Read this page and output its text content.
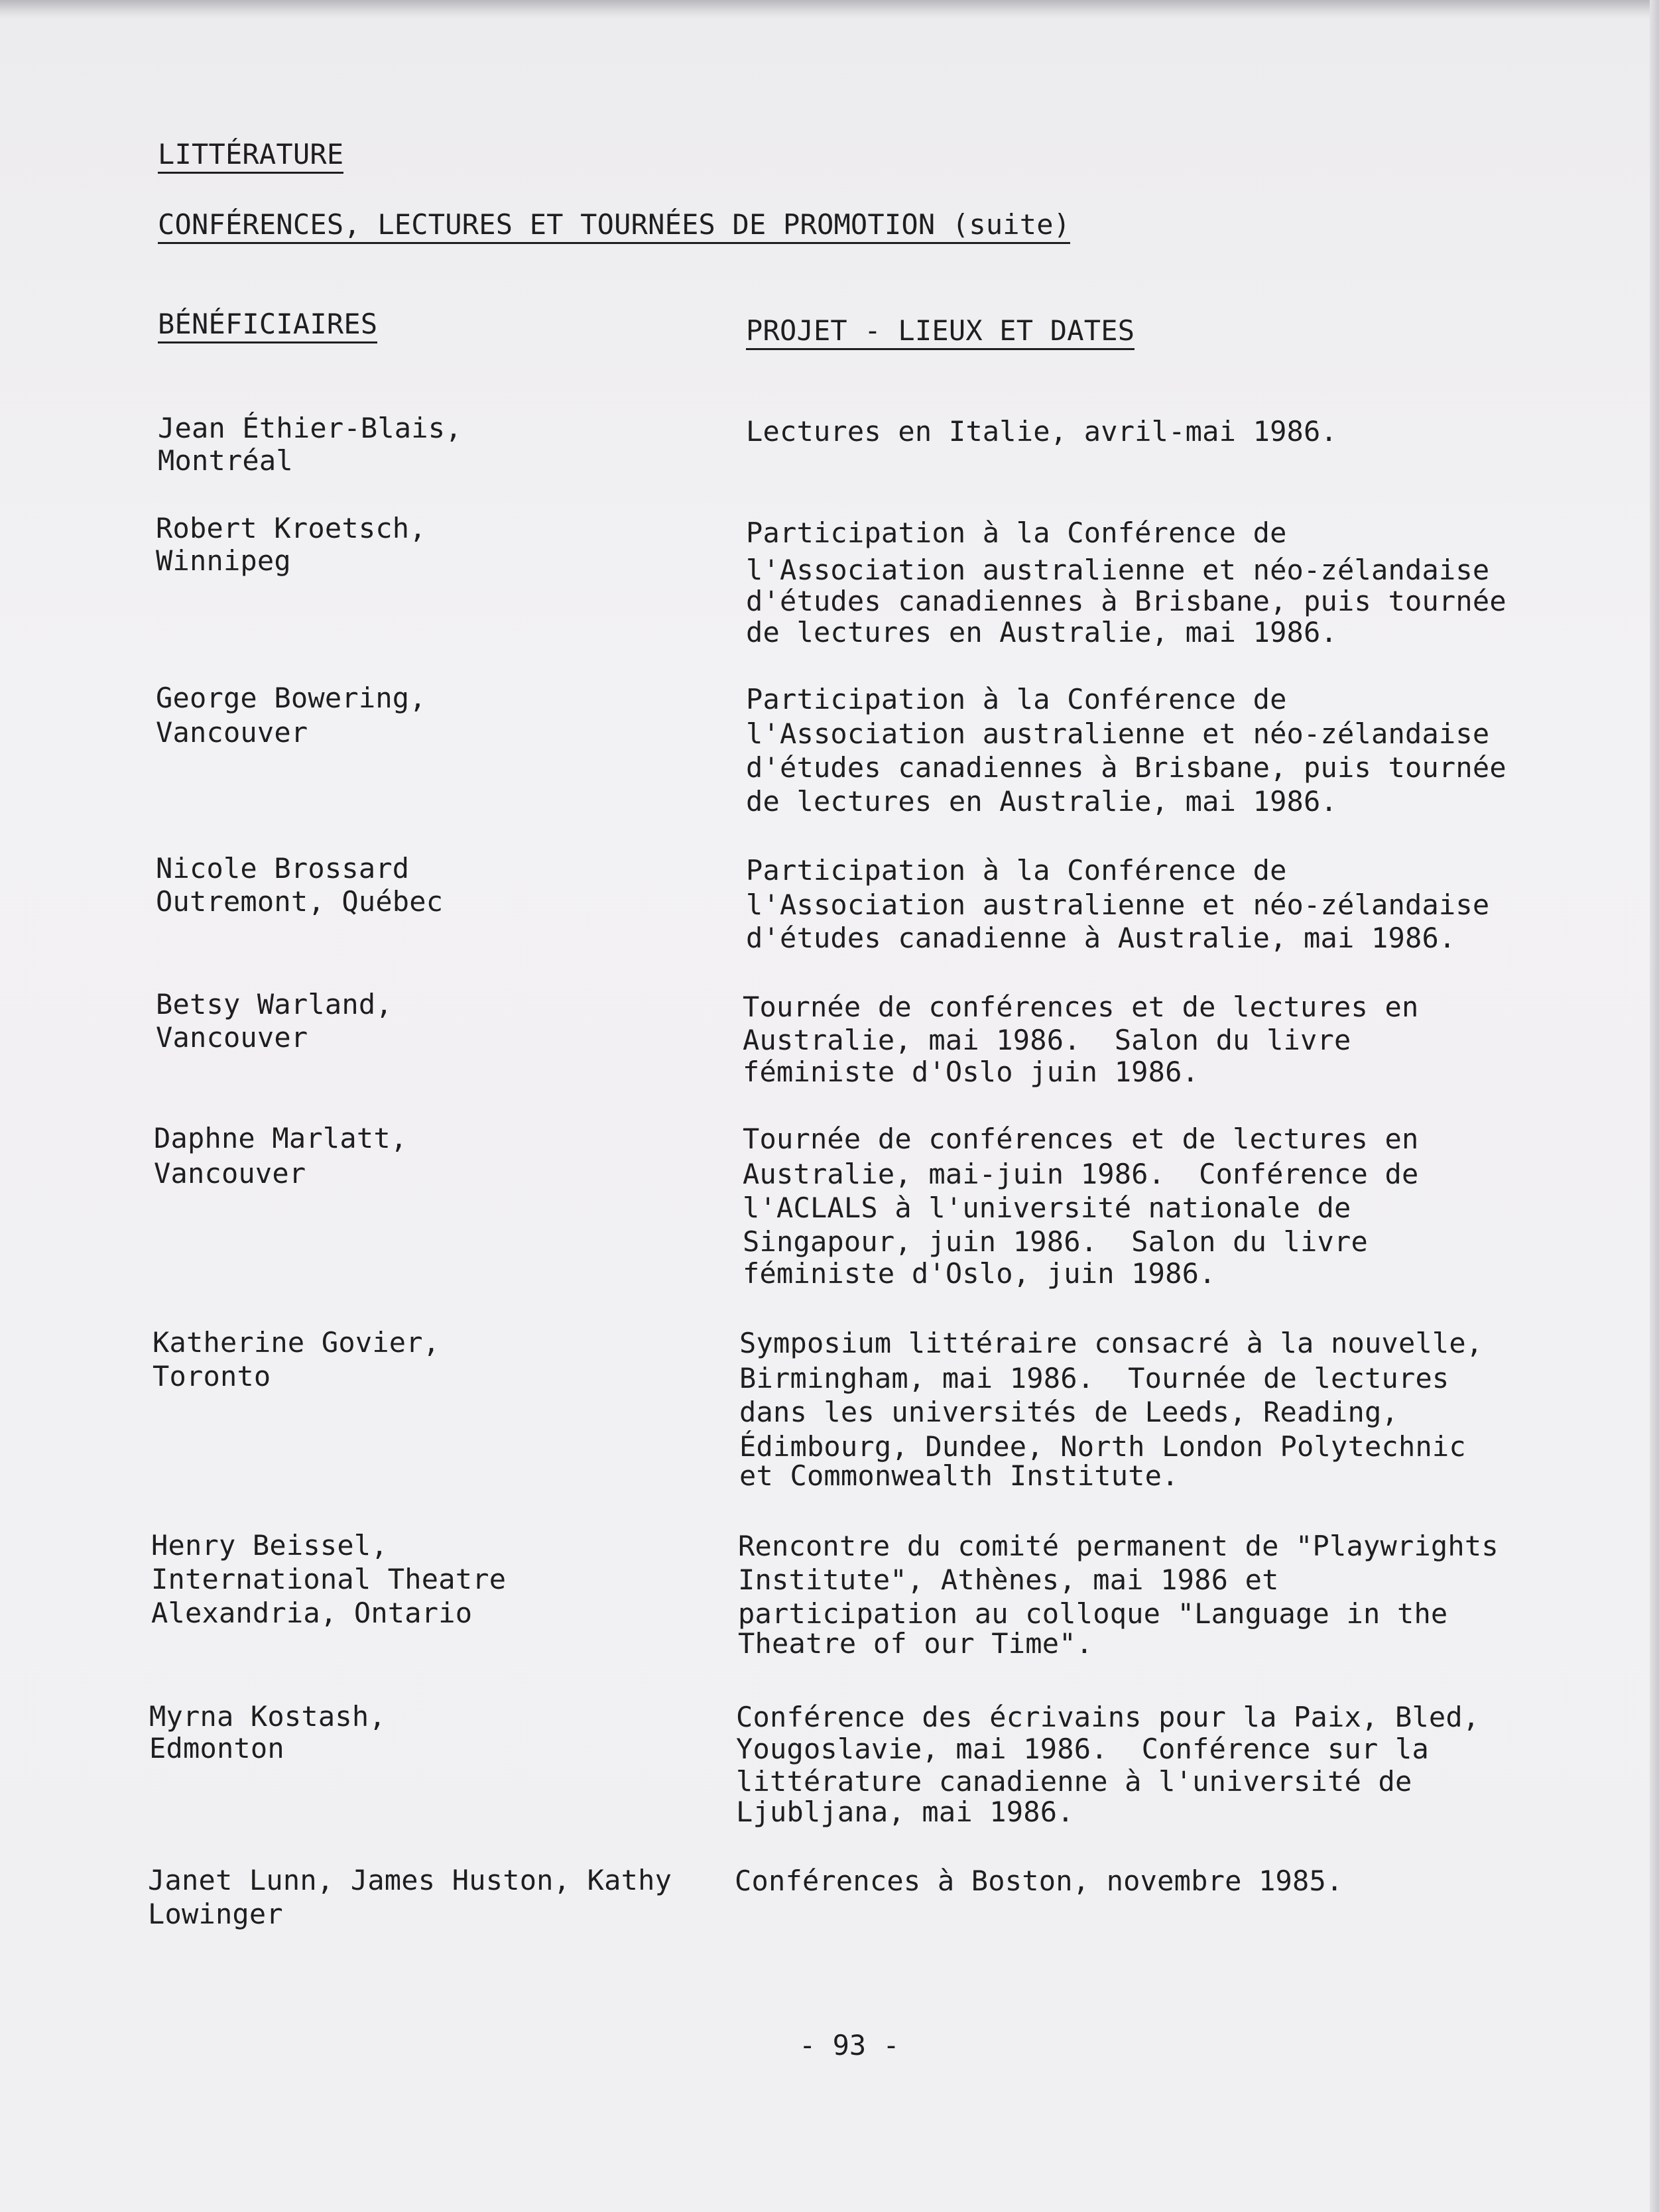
LITTÉRATURE
CONFÉRENCES, LECTURES ET TOURNÉES DE PROMOTION (suite)
BÉNÉFICIAIRES	PROJET - LIEUX ET DATES
Jean Éthier-Blais,
Montréal
Lectures en Italie, avril-mai 1986.
Robert Kroetsch,
Winnipeg
Participation à la Conférence de
l'Association australienne et néo-zélandaise
d'études canadiennes à Brisbane, puis tournée
de lectures en Australie, mai 1986.
George Bowering,
Vancouver
Participation à la Conférence de
l'Association australienne et néo-zélandaise
d'études canadiennes à Brisbane, puis tournée
de lectures en Australie, mai 1986.
Nicole Brossard
Outremont, Québec
Participation à la Conférence de
l'Association australienne et néo-zélandaise
d'études canadienne à Australie, mai 1986.
Betsy Warland,
Vancouver
Tournée de conférences et de lectures en
Australie, mai 1986.  Salon du livre
féministe d'Oslo juin 1986.
Daphne Marlatt,
Vancouver
Tournée de conférences et de lectures en
Australie, mai-juin 1986.  Conférence de
l'ACLALS à l'université nationale de
Singapour, juin 1986.  Salon du livre
féministe d'Oslo, juin 1986.
Katherine Govier,
Toronto
Symposium littéraire consacré à la nouvelle,
Birmingham, mai 1986.  Tournée de lectures
dans les universités de Leeds, Reading,
Édimbourg, Dundee, North London Polytechnic
et Commonwealth Institute.
Henry Beissel,
International Theatre
Alexandria, Ontario
Rencontre du comité permanent de "Playwrights
Institute", Athènes, mai 1986 et
participation au colloque "Language in the
Theatre of our Time".
Myrna Kostash,
Edmonton
Conférence des écrivains pour la Paix, Bled,
Yougoslavie, mai 1986.  Conférence sur la
littérature canadienne à l'université de
Ljubljana, mai 1986.
Janet Lunn, James Huston, Kathy
Lowinger
Conférences à Boston, novembre 1985.
- 93 -
